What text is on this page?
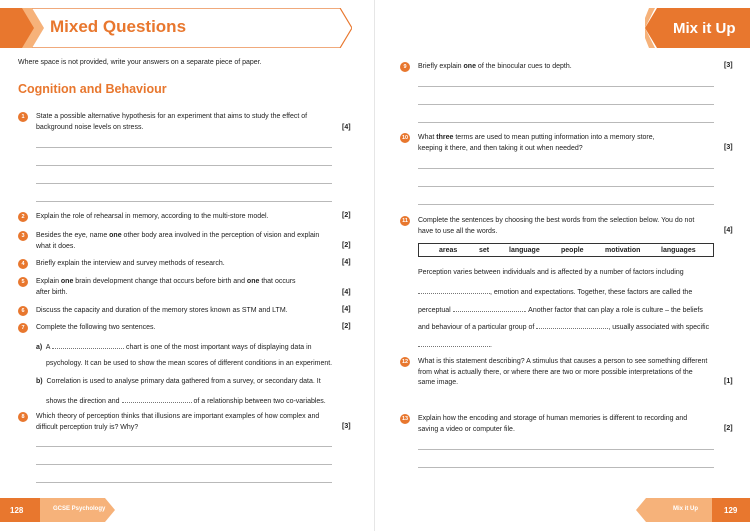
Mixed Questions	Mix it Up
Where space is not provided, write your answers on a separate piece of paper.
Cognition and Behaviour
1	State a possible alternative hypothesis for an experiment that aims to study the effect of
background noise levels on stress.	[4]
2	Explain the role of rehearsal in memory, according to the multi-store model.	[2]
3	Besides the eye, name one other body area involved in the perception of vision and explain
what it does.	[2]
4	Briefly explain the interview and survey methods of research.	[4]
5	Explain one brain development change that occurs before birth and one that occurs
after birth.	[4]
6	Discuss the capacity and duration of the memory stores known as STM and LTM.	[4]
7	Complete the following two sentences.	[2]
a) A	chart is one of the most important ways of displaying data in
psychology. It can be used to show the mean scores of different conditions in an experiment.
b) Correlation is used to analyse primary data gathered from a survey, or secondary data. It
shows the direction and	of a relationship between two co-variables.
8	Which theory of perception thinks that illusions are important examples of how complex and
difficult perception truly is? Why?	[3]
9	Briefly explain one of the binocular cues to depth.	[3]
10 What three terms are used to mean putting information into a memory store,
keeping it there, and then taking it out when needed?	[3]
11 Complete the sentences by choosing the best words from the selection below. You do not
have to use all the words.	[4]
areas	set	language	people	motivation	languages
Perception varies between individuals and is affected by a number of factors including
, emotion and expectations. Together, these factors are called the
perceptual	. Another factor that can play a role is culture – the beliefs
and behaviour of a particular group of	, usually associated with specific
.
12 What is this statement describing? A stimulus that causes a person to see something different
from what is actually there, or where there are two or more possible interpretations of the
same image.	[1]
13 Explain how the encoding and storage of human memories is different to recording and
saving a video or computer file.	[2]
128	GCSE Psychology	Mix it Up	129
